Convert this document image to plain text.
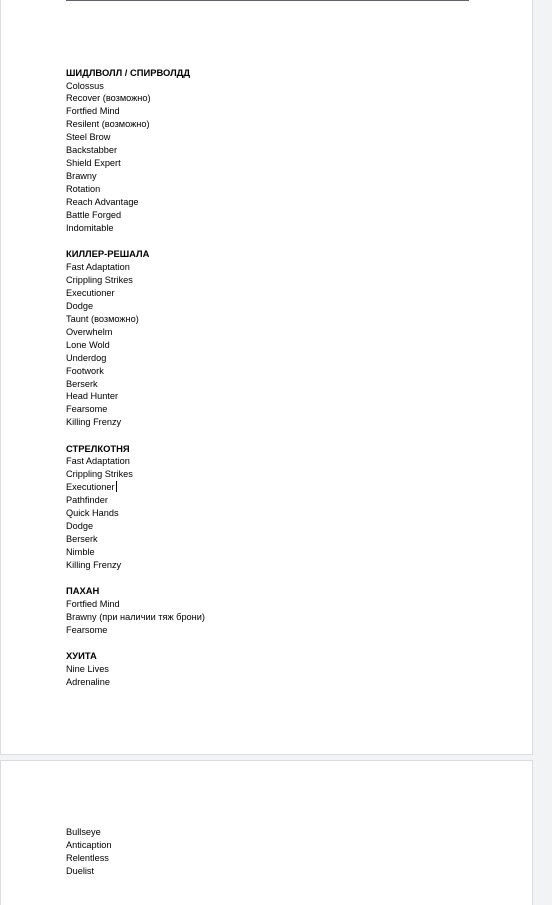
ШИДЛВОЛЛ / СПИРВОЛДД
Colossus
Recover (возможно)
Fortfied Mind
Resilent (возможно)
Steel Brow
Backstabber
Shield Expert
Brawny
Rotation
Reach Advantage
Battle Forged
Indomitable
КИЛЛЕР-РЕШАЛА
Fast Adaptation
Crippling Strikes
Executioner
Dodge
Taunt (возможно)
Overwhelm
Lone Wold
Underdog
Footwork
Berserk
Head Hunter
Fearsome
Killing Frenzy
СТРЕЛКОТНЯ
Fast Adaptation
Crippling Strikes
Executioner
Pathfinder
Quick Hands
Dodge
Berserk
Nimble
Killing Frenzy
ПАХАН
Fortfied Mind
Brawny (при наличии тяж брони)
Fearsome
ХУИТА
Nine Lives
Adrenaline
Bullseye
Anticaption
Relentless
Duelist
